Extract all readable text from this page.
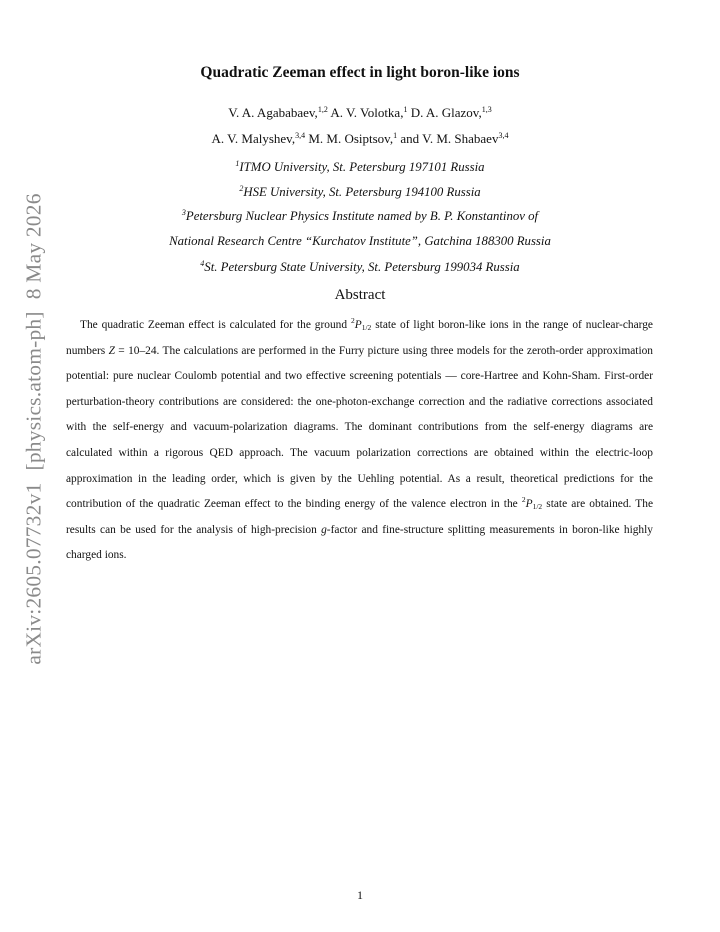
arXiv:2605.07732v1[physics.atom-ph]8 May 2026
Quadratic Zeeman effect in light boron-like ions
V. A. Agababaev,$^{1,2}$ A. V. Volotka,$^1$ D. A. Glazov,$^{1,3}$
A. V. Malyshev,$^{3,4}$ M. M. Osiptsov,$^1$ and V. M. Shabaev$^{3,4}$
$^1$ITMO University, St. Petersburg 197101 Russia
$^2$HSE University, St. Petersburg 194100 Russia
$^3$Petersburg Nuclear Physics Institute named by B. P. Konstantinov of
National Research Centre “Kurchatov Institute”, Gatchina 188300 Russia
$^4$St. Petersburg State University, St. Petersburg 199034 Russia
Abstract

The quadratic Zeeman effect is calculated for the ground $^2P_{1/2}$ state of light boron-like ions in the range of nuclear-charge numbers Z = 10–24. The calculations are performed in the Furry picture using three models for the zeroth-order approximation potential: pure nuclear Coulomb potential and two effective screening potentials — core-Hartree and Kohn-Sham. First-order perturbation-theory contributions are considered: the one-photon-exchange correction and the radiative corrections associated with the self-energy and vacuum-polarization diagrams. The dominant contributions from the self-energy diagrams are calculated within a rigorous QED approach. The vacuum polarization corrections are obtained within the electric-loop approximation in the leading order, which is given by the Uehling potential. As a result, theoretical predictions for the contribution of the quadratic Zeeman effect to the binding energy of the valence electron in the $^2P_{1/2}$ state are obtained. The results can be used for the analysis of high-precision g-factor and fine-structure splitting measurements in boron-like highly charged ions.

1
